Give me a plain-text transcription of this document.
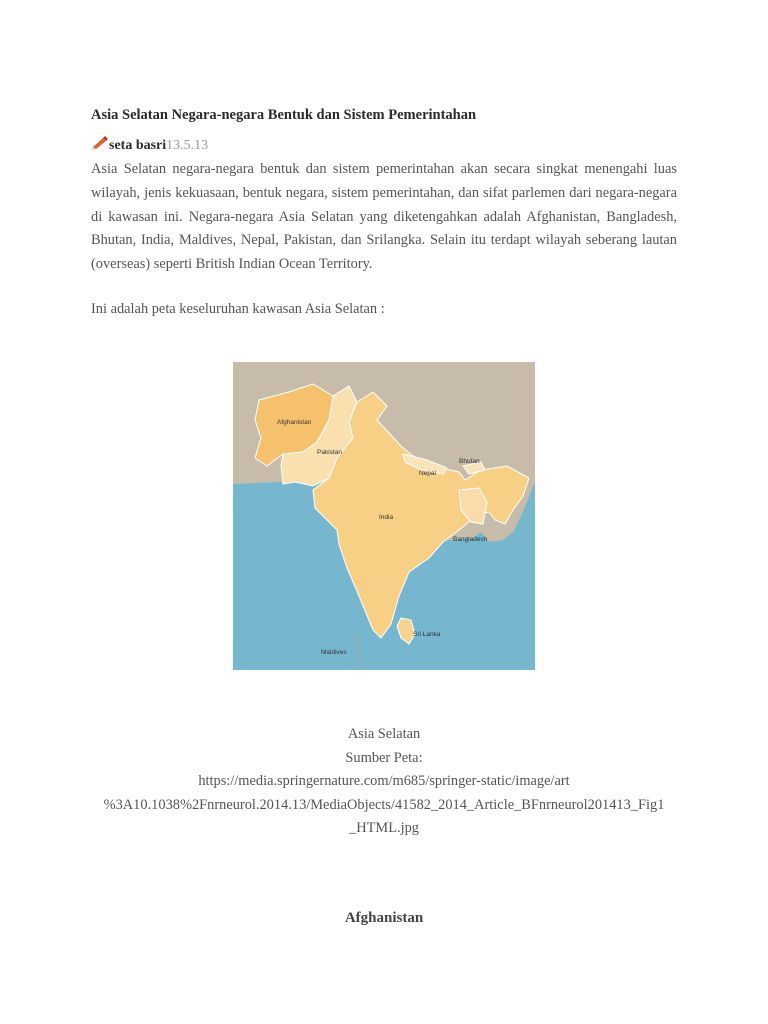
Asia Selatan Negara-negara Bentuk dan Sistem Pemerintahan
seta basri13.5.13

Asia Selatan negara-negara bentuk dan sistem pemerintahan akan secara singkat menengahi luas wilayah, jenis kekuasaan, bentuk negara, sistem pemerintahan, dan sifat parlemen dari negara-negara di kawasan ini. Negara-negara Asia Selatan yang diketengahkan adalah Afghanistan, Bangladesh, Bhutan, India, Maldives, Nepal, Pakistan, dan Srilangka. Selain itu terdapt wilayah seberang lautan (overseas) seperti British Indian Ocean Territory.

Ini adalah peta keseluruhan kawasan Asia Selatan :

Afghanistan
Pakistan
India
Nepal
Bhutan
Bangladesh
Sri Lanka
Maldives

Asia Selatan

Sumber Peta:

https://media.springernature.com/m685/springer-static/image/art

%3A10.1038%2Fnrneurol.2014.13/MediaObjects/41582_2014_Article_BFnrneurol201413_Fig1

_HTML.jpg

Afghanistan
